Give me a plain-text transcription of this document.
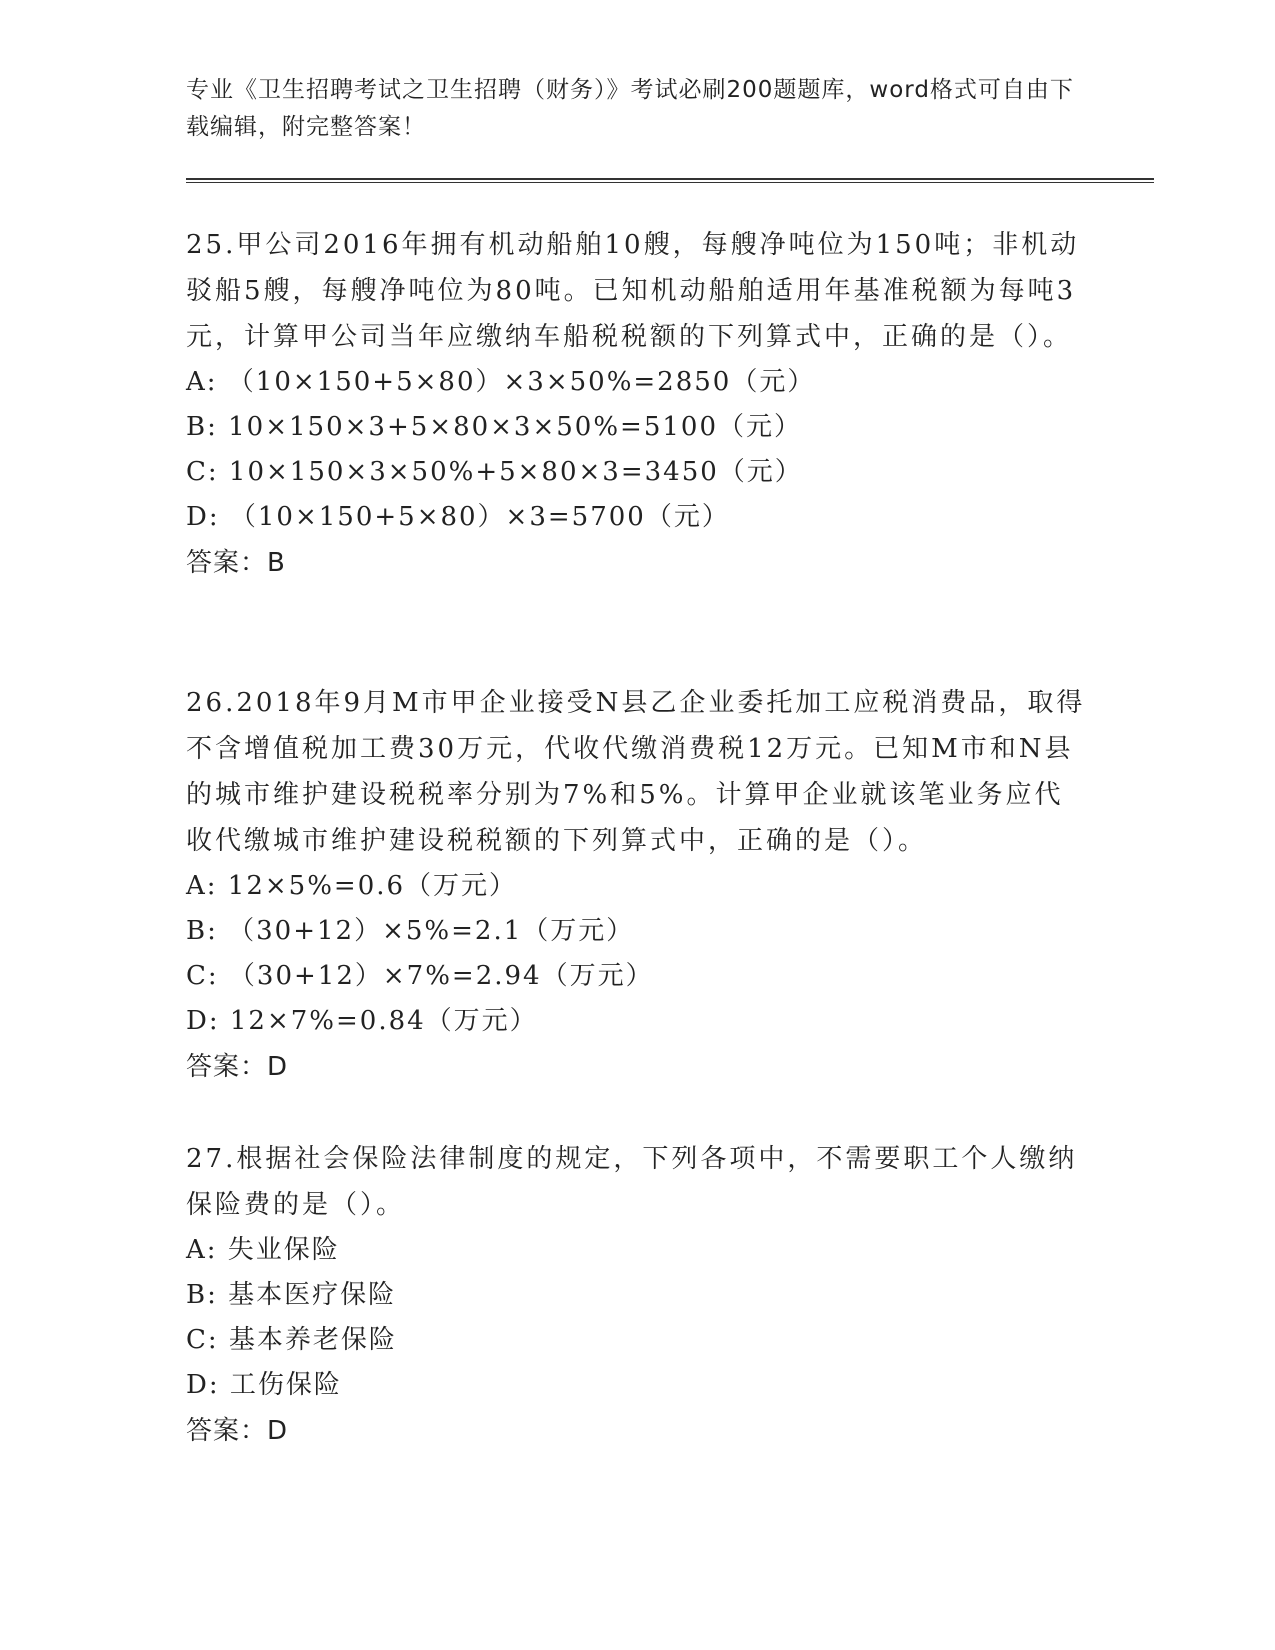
专业《卫生招聘考试之卫生招聘（财务）》考试必刷200题题库，word格式可自由下载编辑，附完整答案！

25.甲公司2016年拥有机动船舶10艘，每艘净吨位为150吨；非机动驳船5艘，每艘净吨位为80吨。已知机动船舶适用年基准税额为每吨3元，计算甲公司当年应缴纳车船税税额的下列算式中，正确的是（）。

A: （10×150+5×80）×3×50%=2850（元）

B: 10×150×3+5×80×3×50%=5100（元）

C: 10×150×3×50%+5×80×3=3450（元）

D: （10×150+5×80）×3=5700（元）

答案：B

26.2018年9月M市甲企业接受N县乙企业委托加工应税消费品，取得不含增值税加工费30万元，代收代缴消费税12万元。已知M市和N县的城市维护建设税税率分别为7%和5%。计算甲企业就该笔业务应代收代缴城市维护建设税税额的下列算式中，正确的是（）。

A: 12×5%=0.6（万元）

B: （30+12）×5%=2.1（万元）

C: （30+12）×7%=2.94（万元）

D: 12×7%=0.84（万元）

答案：D

27.根据社会保险法律制度的规定，下列各项中，不需要职工个人缴纳保险费的是（）。

A: 失业保险

B: 基本医疗保险

C: 基本养老保险

D: 工伤保险

答案：D
